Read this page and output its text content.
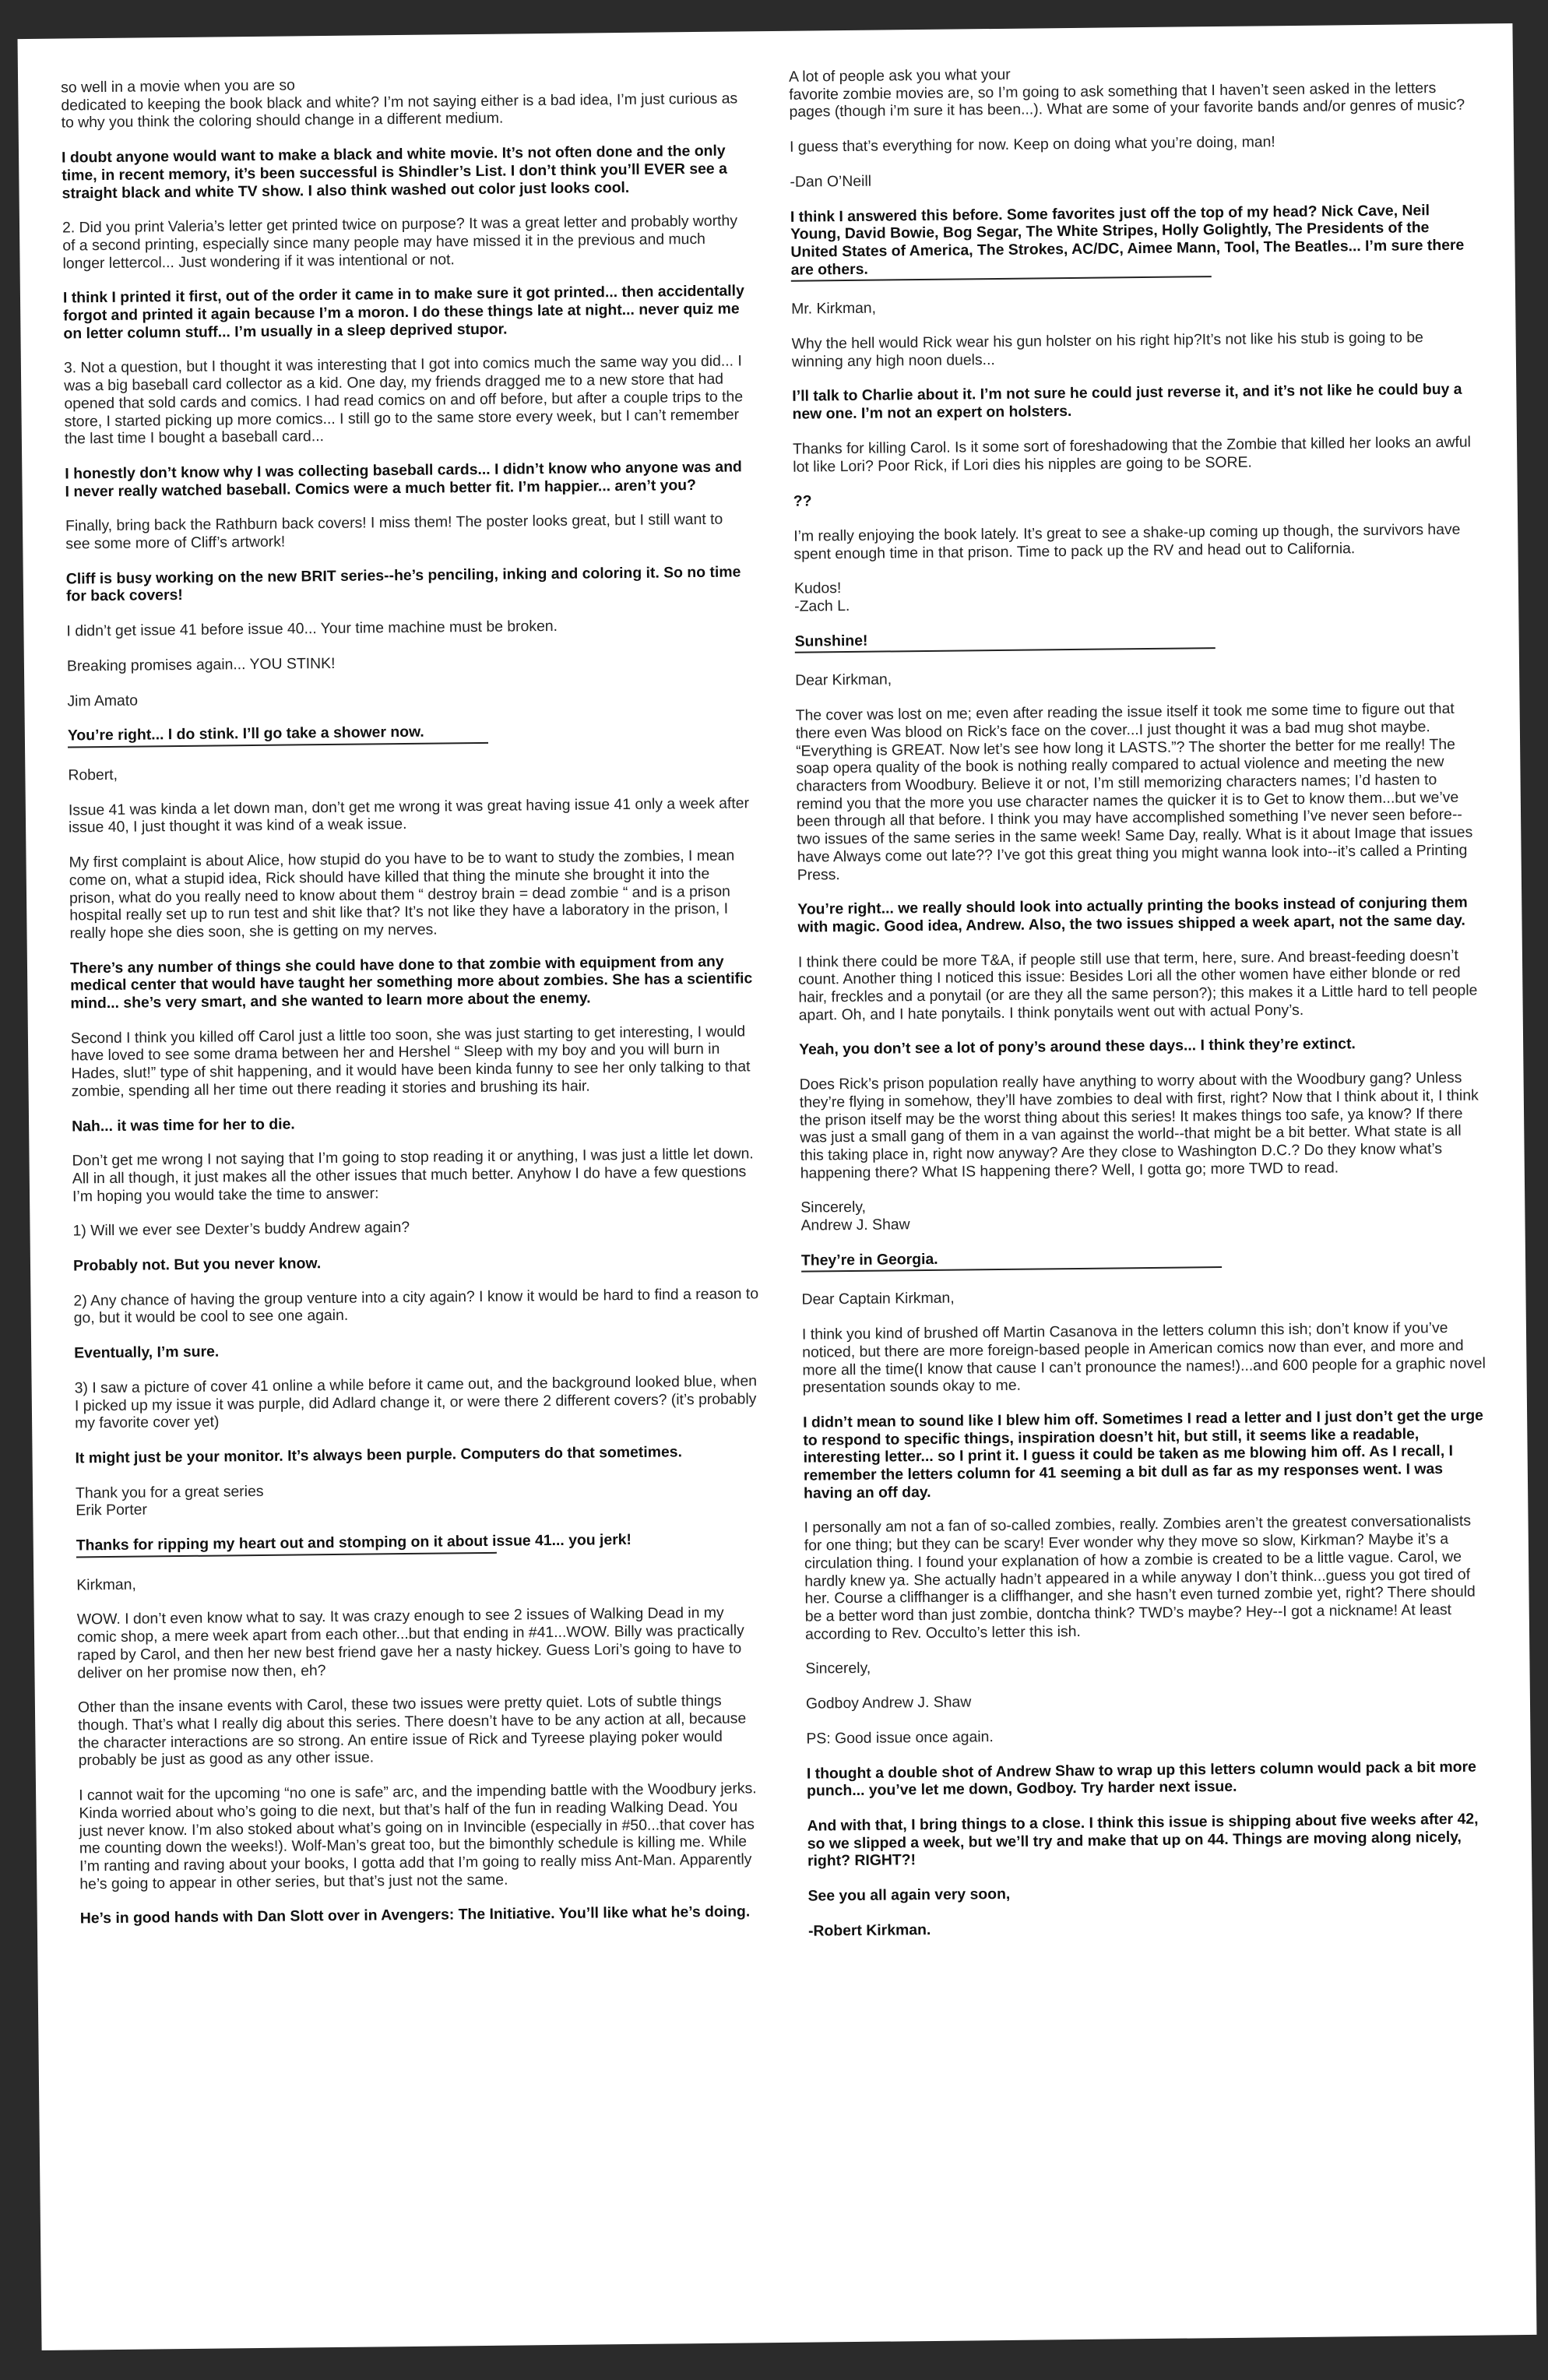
so well in a movie when you are so
dedicated to keeping the book black and white? I’m not saying either is a bad idea, I’m just curious as to why you think the coloring should change in a different medium.

I doubt anyone would want to make a black and white movie. It’s not often done and the only time, in recent memory, it’s been successful is Shindler’s List. I don’t think you’ll EVER see a straight black and white TV show. I also think washed out color just looks cool.

2. Did you print Valeria’s letter get printed twice on purpose? It was a great letter and probably worthy of a second printing, especially since many people may have missed it in the previous and much longer lettercol... Just wondering if it was intentional or not.

I think I printed it first, out of the order it came in to make sure it got printed... then accidentally forgot and printed it again because I’m a moron. I do these things late at night... never quiz me on letter column stuff... I’m usually in a sleep deprived stupor.

3. Not a question, but I thought it was interesting that I got into comics much the same way you did... I was a big baseball card collector as a kid. One day, my friends dragged me to a new store that had opened that sold cards and comics. I had read comics on and off before, but after a couple trips to the store, I started picking up more comics... I still go to the same store every week, but I can’t remember the last time I bought a baseball card...

I honestly don’t know why I was collecting baseball cards... I didn’t know who anyone was and I never really watched baseball. Comics were a much better fit. I’m happier... aren’t you?

Finally, bring back the Rathburn back covers! I miss them! The poster looks great, but I still want to see some more of Cliff’s artwork!

Cliff is busy working on the new BRIT series--he’s penciling, inking and coloring it. So no time for back covers!

I didn’t get issue 41 before issue 40... Your time machine must be broken.

Breaking promises again... YOU STINK!

Jim Amato

You’re right... I do stink. I’ll go take a shower now.

Robert,

Issue 41 was kinda a let down man, don’t get me wrong it was great having issue 41 only a week after issue 40, I just thought it was kind of a weak issue.

My first complaint is about Alice, how stupid do you have to be to want to study the zombies, I mean come on, what a stupid idea, Rick should have killed that thing the minute she brought it into the prison, what do you really need to know about them “ destroy brain = dead zombie “ and is a prison hospital really set up to run test and shit like that? It’s not like they have a laboratory in the prison, I really hope she dies soon, she is getting on my nerves.

There’s any number of things she could have done to that zombie with equipment from any medical center that would have taught her something more about zombies. She has a scientific mind... she’s very smart, and she wanted to learn more about the enemy.

Second I think you killed off Carol just a little too soon, she was just starting to get interesting, I would have loved to see some drama between her and Hershel “ Sleep with my boy and you will burn in Hades, slut!” type of shit happening, and it would have been kinda funny to see her only talking to that zombie, spending all her time out there reading it stories and brushing its hair.

Nah... it was time for her to die.

Don’t get me wrong I not saying that I’m going to stop reading it or anything, I was just a little let down. All in all though, it just makes all the other issues that much better. Anyhow I do have a few questions I’m hoping you would take the time to answer:

1) Will we ever see Dexter’s buddy Andrew again?

Probably not. But you never know.

2) Any chance of having the group venture into a city again? I know it would be hard to find a reason to go, but it would be cool to see one again.

Eventually, I’m sure.

3) I saw a picture of cover 41 online a while before it came out, and the background looked blue, when I picked up my issue it was purple, did Adlard change it, or were there 2 different covers? (it’s probably my favorite cover yet)

It might just be your monitor. It’s always been purple. Computers do that sometimes.

Thank you for a great series
Erik Porter

Thanks for ripping my heart out and stomping on it about issue 41... you jerk!

Kirkman,

WOW. I don’t even know what to say. It was crazy enough to see 2 issues of Walking Dead in my comic shop, a mere week apart from each other...but that ending in #41...WOW. Billy was practically raped by Carol, and then her new best friend gave her a nasty hickey. Guess Lori’s going to have to deliver on her promise now then, eh?

Other than the insane events with Carol, these two issues were pretty quiet. Lots of subtle things though. That’s what I really dig about this series. There doesn’t have to be any action at all, because the character interactions are so strong. An entire issue of Rick and Tyreese playing poker would probably be just as good as any other issue.

I cannot wait for the upcoming “no one is safe” arc, and the impending battle with the Woodbury jerks. Kinda worried about who’s going to die next, but that’s half of the fun in reading Walking Dead. You just never know. I’m also stoked about what’s going on in Invincible (especially in #50...that cover has me counting down the weeks!). Wolf-Man’s great too, but the bimonthly schedule is killing me. While I’m ranting and raving about your books, I gotta add that I’m going to really miss Ant-Man. Apparently he’s going to appear in other series, but that’s just not the same.

He’s in good hands with Dan Slott over in Avengers: The Initiative. You’ll like what he’s doing.

A lot of people ask you what your
favorite zombie movies are, so I’m going to ask something that I haven’t seen asked in the letters pages (though i’m sure it has been...). What are some of your favorite bands and/or genres of music?

I guess that’s everything for now. Keep on doing what you’re doing, man!

-Dan O’Neill

I think I answered this before. Some favorites just off the top of my head? Nick Cave, Neil Young, David Bowie, Bog Segar, The White Stripes, Holly Golightly, The Presidents of the United States of America, The Strokes, AC/DC, Aimee Mann, Tool, The Beatles... I’m sure there are others.

Mr. Kirkman,

Why the hell would Rick wear his gun holster on his right hip?It’s not like his stub is going to be winning any high noon duels...

I’ll talk to Charlie about it. I’m not sure he could just reverse it, and it’s not like he could buy a new one. I’m not an expert on holsters.

Thanks for killing Carol. Is it some sort of foreshadowing that the Zombie that killed her looks an awful lot like Lori? Poor Rick, if Lori dies his nipples are going to be SORE.

??

I’m really enjoying the book lately. It’s great to see a shake-up coming up though, the survivors have spent enough time in that prison. Time to pack up the RV and head out to California.

Kudos!
-Zach L.

Sunshine!

Dear Kirkman,

The cover was lost on me; even after reading the issue itself it took me some time to figure out that there even Was blood on Rick’s face on the cover...I just thought it was a bad mug shot maybe. “Everything is GREAT. Now let’s see how long it LASTS.”? The shorter the better for me really! The soap opera quality of the book is nothing really compared to actual violence and meeting the new characters from Woodbury. Believe it or not, I’m still memorizing characters names; I’d hasten to remind you that the more you use character names the quicker it is to Get to know them...but we’ve been through all that before. I think you may have accomplished something I’ve never seen before--two issues of the same series in the same week! Same Day, really. What is it about Image that issues have Always come out late?? I’ve got this great thing you might wanna look into--it’s called a Printing Press.

You’re right... we really should look into actually printing the books instead of conjuring them with magic. Good idea, Andrew. Also, the two issues shipped a week apart, not the same day.

I think there could be more T&A, if people still use that term, here, sure. And breast-feeding doesn’t count. Another thing I noticed this issue: Besides Lori all the other women have either blonde or red hair, freckles and a ponytail (or are they all the same person?); this makes it a Little hard to tell people apart. Oh, and I hate ponytails. I think ponytails went out with actual Pony’s.

Yeah, you don’t see a lot of pony’s around these days... I think they’re extinct.

Does Rick’s prison population really have anything to worry about with the Woodbury gang? Unless they’re flying in somehow, they’ll have zombies to deal with first, right? Now that I think about it, I think the prison itself may be the worst thing about this series! It makes things too safe, ya know? If there was just a small gang of them in a van against the world--that might be a bit better. What state is all this taking place in, right now anyway? Are they close to Washington D.C.? Do they know what’s happening there? What IS happening there? Well, I gotta go; more TWD to read.

Sincerely,
Andrew J. Shaw

They’re in Georgia.

Dear Captain Kirkman,

I think you kind of brushed off Martin Casanova in the letters column this ish; don’t know if you’ve noticed, but there are more foreign-based people in American comics now than ever, and more and more all the time(I know that cause I can’t pronounce the names!)...and 600 people for a graphic novel presentation sounds okay to me.

I didn’t mean to sound like I blew him off. Sometimes I read a letter and I just don’t get the urge to respond to specific things, inspiration doesn’t hit, but still, it seems like a readable, interesting letter... so I print it. I guess it could be taken as me blowing him off. As I recall, I remember the letters column for 41 seeming a bit dull as far as my responses went. I was having an off day.

I personally am not a fan of so-called zombies, really. Zombies aren’t the greatest conversationalists for one thing; but they can be scary! Ever wonder why they move so slow, Kirkman? Maybe it’s a circulation thing. I found your explanation of how a zombie is created to be a little vague. Carol, we hardly knew ya. She actually hadn’t appeared in a while anyway I don’t think...guess you got tired of her. Course a cliffhanger is a cliffhanger, and she hasn’t even turned zombie yet, right? There should be a better word than just zombie, dontcha think? TWD’s maybe? Hey--I got a nickname! At least according to Rev. Occulto’s letter this ish.

Sincerely,

Godboy Andrew J. Shaw

PS: Good issue once again.

I thought a double shot of Andrew Shaw to wrap up this letters column would pack a bit more punch... you’ve let me down, Godboy. Try harder next issue.

And with that, I bring things to a close. I think this issue is shipping about five weeks after 42, so we slipped a week, but we’ll try and make that up on 44. Things are moving along nicely, right? RIGHT?!

See you all again very soon,

-Robert Kirkman.
